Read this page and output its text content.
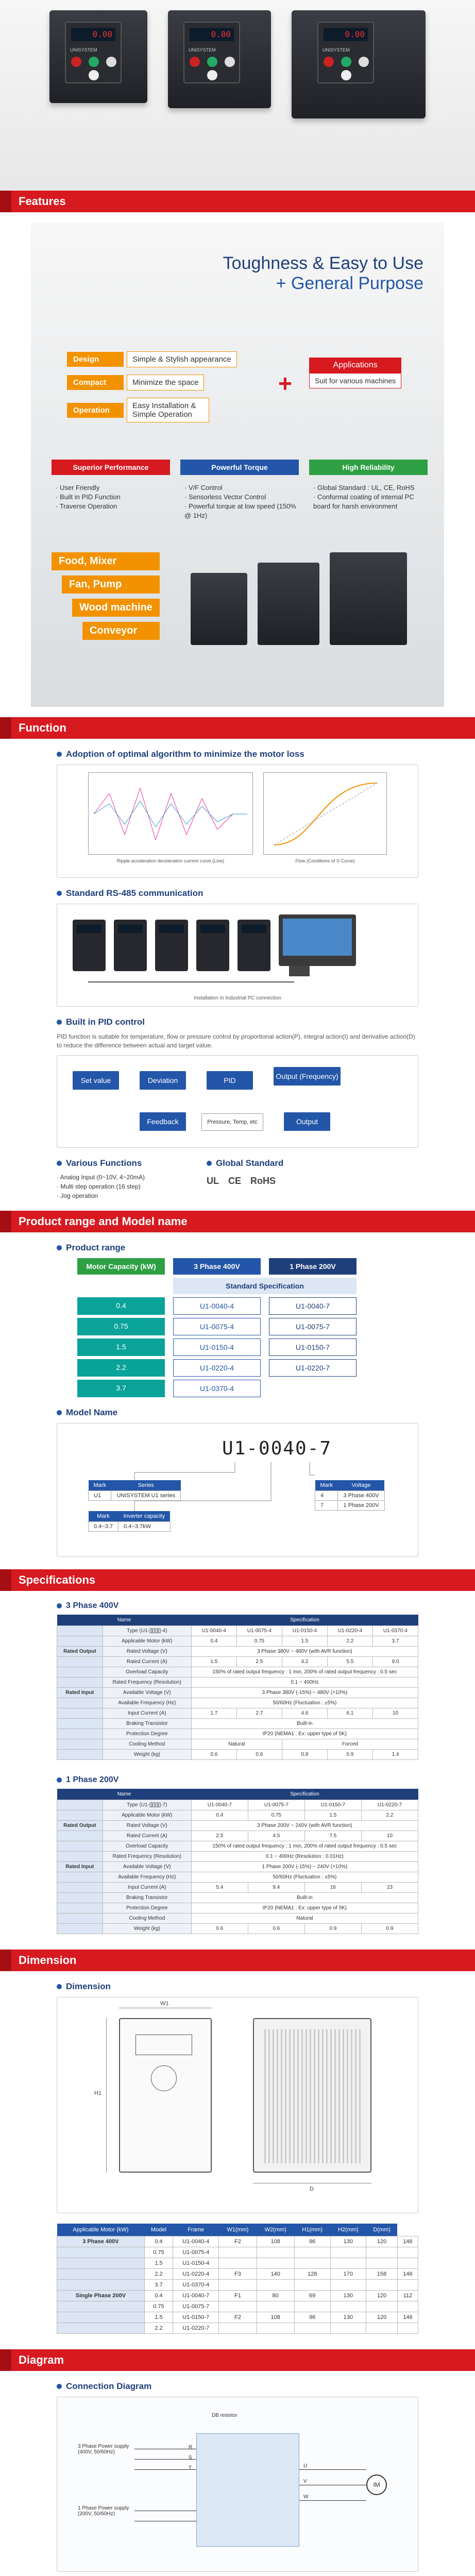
0.00
UNISYSTEM
0.00
UNISYSTEM
0.00
UNISYSTEM
Features
Toughness & Easy to Use
+ General Purpose
Design	Simple & Stylish appearance
Compact	Minimize the space
Operation	Easy Installation & Simple Operation
+
Applications
Suit for various machines
Superior Performance
· User Friendly
· Built in PID Function
· Traverse Operation
Powerful Torque
· V/F Control
· Sensorless Vector Control
· Powerful torque at low speed (150% @ 1Hz)
High Reliability
· Global Standard : UL, CE, RoHS
· Conformal coating of internal PC board for harsh environment
Food, Mixer
Fan, Pump
Wood machine
Conveyor
Function
Adoption of optimal algorithm to minimize the motor loss
Ripple acceleration deceleration current curve (Line)	Flow (Conditions of S Curve)
Standard RS-485 communication
Installation in Industrial PC connection
Built in PID control
PID function is suitable for temperature, flow or pressure control by proportional action(P), integral action(I) and derivative action(D) to reduce the difference between actual and target value.
Set value	Deviation	PID	Output (Frequency)
Feedback	Pressure, Temp, etc	Output
Various Functions
· Analog Input (0~10V, 4~20mA)
· Multi step operation (16 step)
· Jog operation
Global Standard
UL CE RoHS
Product range and Model name
Product range
Motor Capacity (kW)	3 Phase 400V	1 Phase 200V
Standard Specification
0.4	U1-0040-4	U1-0040-7
0.75	U1-0075-4	U1-0075-7
1.5	U1-0150-4	U1-0150-7
2.2	U1-0220-4	U1-0220-7
3.7	U1-0370-4
Model Name
U1-0040-7
Mark	Series
U1	UNISYSTEM U1 series
Mark	Inverter capacity
0.4~3.7	0.4~3.7kW
Mark	Voltage
4	3 Phase 400V
7	1 Phase 200V
Specifications
3 Phase 400V
Name		Specification				
	Type (U1-[][][][]-4)	U1-0040-4	U1-0075-4	U1-0150-4	U1-0220-4	U1-0370-4
	Applicable Motor (kW)	0.4	0.75	1.5	2.2	3.7
Rated Output	Rated Voltage (V)	3 Phase 380V ~ 480V (with AVR function)				
	Rated Current (A)	1.5	2.5	4.2	5.5	9.0
	Overload Capacity	150% of rated output frequency : 1 min, 200% of rated output frequency : 0.5 sec				
	Rated Frequency (Resolution)	0.1 ~ 400Hz				
Rated Input	Available Voltage (V)	3 Phase 380V (-15%) ~ 480V (+10%)				
	Available Frequency (Hz)	50/60Hz (Fluctuation : ±5%)				
	Input Current (A)	1.7	2.7	4.6	6.1	10
	Braking Transistor	Built-in				
	Protection Degree	IP20 (NEMA1 : Ex: upper type of 5K)				
	Cooling Method	Natural		Forced		
	Weight (kg)	0.6	0.6	0.9	0.9	1.4
1 Phase 200V
Name		Specification			
	Type (U1-[][][][]-7)	U1-0040-7	U1-0075-7	U1-0150-7	U1-0220-7
	Applicable Motor (kW)	0.4	0.75	1.5	2.2
Rated Output	Rated Voltage (V)	3 Phase 200V ~ 240V (with AVR function)			
	Rated Current (A)	2.5	4.5	7.5	10
	Overload Capacity	150% of rated output frequency : 1 min, 200% of rated output frequency : 0.5 sec			
	Rated Frequency (Resolution)	0.1 ~ 400Hz (Resolution : 0.01Hz)			
Rated Input	Available Voltage (V)	1 Phase 200V (-15%) ~ 240V (+10%)			
	Available Frequency (Hz)	50/60Hz (Fluctuation : ±5%)			
	Input Current (A)	5.4	9.4	16	23
	Braking Transistor	Built-in			
	Protection Degree	IP20 (NEMA1 : Ex: upper type of 5K)			
	Cooling Method	Natural			
	Weight (kg)	0.6	0.6	0.9	0.9
Dimension
Dimension
W1
H1
D
Applicable Motor (kW)	Model	Frame	W1(mm)	W2(mm)	H1(mm)	H2(mm)	D(mm)	
3 Phase 400V	0.4	U1-0040-4	F2	108	96	130	120	146
	0.75	U1-0075-4						
	1.5	U1-0150-4						
	2.2	U1-0220-4	F3	140	128	170	158	146
	3.7	U1-0370-4						
Single Phase 200V	0.4	U1-0040-7	F1	80	69	130	120	112
	0.75	U1-0075-7						
	1.5	U1-0150-7	F2	108	96	130	120	146
	2.2	U1-0220-7						
Diagram
Connection Diagram
3 Phase Power supply (400V, 50/60Hz)
1 Phase Power supply (200V, 50/60Hz)
DB resistor
R
S
T	U
V
W
IM
